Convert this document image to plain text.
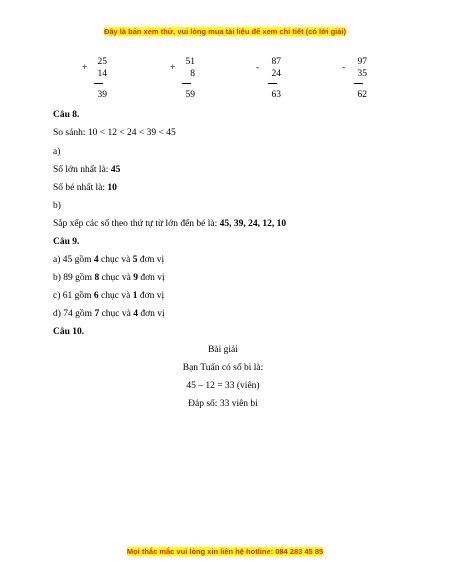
Đây là bản xem thử, vui lòng mua tài liệu để xem chi tiết (có lời giải)
+
25
14
39
+
51
8
59
-
87
24
63
-
97
35
62
Câu 8.
So sánh: 10 < 12 < 24 < 39 < 45
a)
Số lớn nhất là: 45
Số bé nhất là: 10
b)
Sắp xếp các số theo thứ tự từ lớn đến bé là: 45, 39, 24, 12, 10
Câu 9.
a) 45 gồm 4 chục và 5 đơn vị
b) 89 gồm 8 chục và 9 đơn vị
c) 61 gồm 6 chục và 1 đơn vị
d) 74 gồm 7 chục và 4 đơn vị
Câu 10.
Bài giải
Bạn Tuấn có số bi là:
45 – 12 = 33 (viên)
Đáp số: 33 viên bi
Mọi thắc mắc vui lòng xin liên hệ hotline: 084 283 45 85
